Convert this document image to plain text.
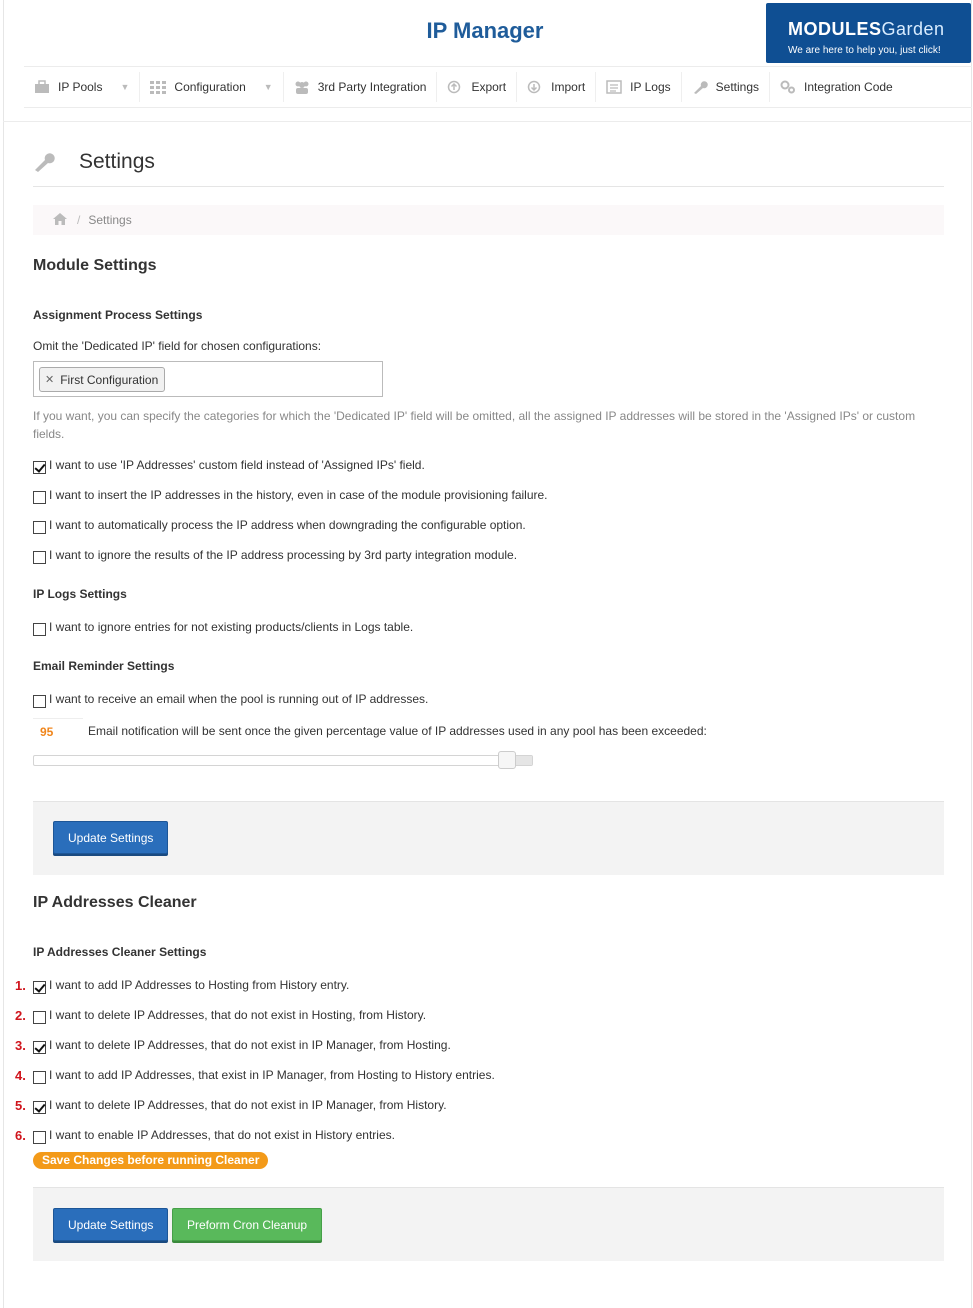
IP Manager	MODULESGarden
We are here to help you, just click!
IP Pools ▼	Configuration ▼	3rd Party Integration	Export	Import	IP Logs	Settings	Integration Code
Settings
/ Settings
Module Settings
Assignment Process Settings
Omit the 'Dedicated IP' field for chosen configurations:
✕ First Configuration
If you want, you can specify the categories for which the 'Dedicated IP' field will be omitted, all the assigned IP addresses will be stored in the 'Assigned IPs' or custom fields.
I want to use 'IP Addresses' custom field instead of 'Assigned IPs' field.
I want to insert the IP addresses in the history, even in case of the module provisioning failure.
I want to automatically process the IP address when downgrading the configurable option.
I want to ignore the results of the IP address processing by 3rd party integration module.
IP Logs Settings
I want to ignore entries for not existing products/clients in Logs table.
Email Reminder Settings
I want to receive an email when the pool is running out of IP addresses.
95	Email notification will be sent once the given percentage value of IP addresses used in any pool has been exceeded:
Update Settings
IP Addresses Cleaner
IP Addresses Cleaner Settings
1. I want to add IP Addresses to Hosting from History entry.
2. I want to delete IP Addresses, that do not exist in Hosting, from History.
3. I want to delete IP Addresses, that do not exist in IP Manager, from Hosting.
4. I want to add IP Addresses, that exist in IP Manager, from Hosting to History entries.
5. I want to delete IP Addresses, that do not exist in IP Manager, from History.
6. I want to enable IP Addresses, that do not exist in History entries.
Save Changes before running Cleaner
Update Settings	Preform Cron Cleanup
